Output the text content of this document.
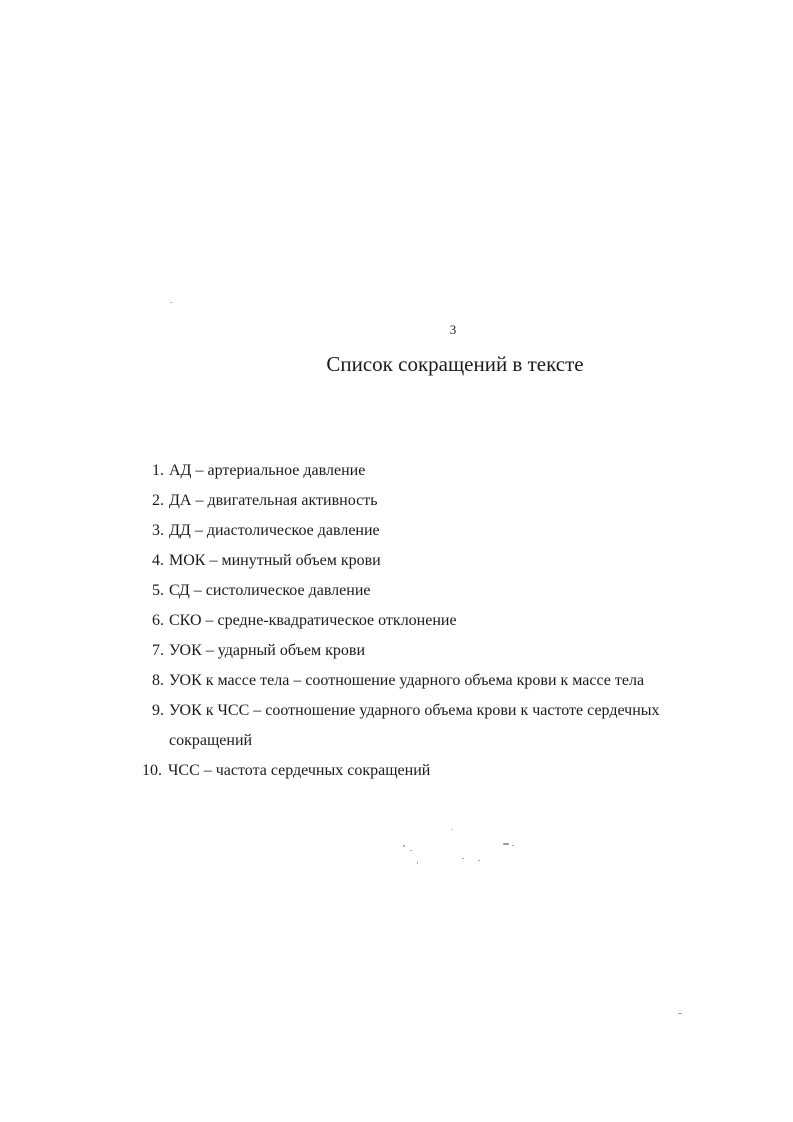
3
Список сокращений в тексте
1. АД – артериальное давление
2. ДА – двигательная активность
3. ДД – диастолическое давление
4. МОК – минутный объем крови
5. СД – систолическое давление
6. СКО – средне-квадратическое отклонение
7. УОК – ударный объем крови
8. УОК к массе тела – соотношение ударного объема крови к массе тела
9. УОК к ЧСС – соотношение ударного объема крови к частоте сердечных сокращений
10. ЧСС – частота сердечных сокращений
